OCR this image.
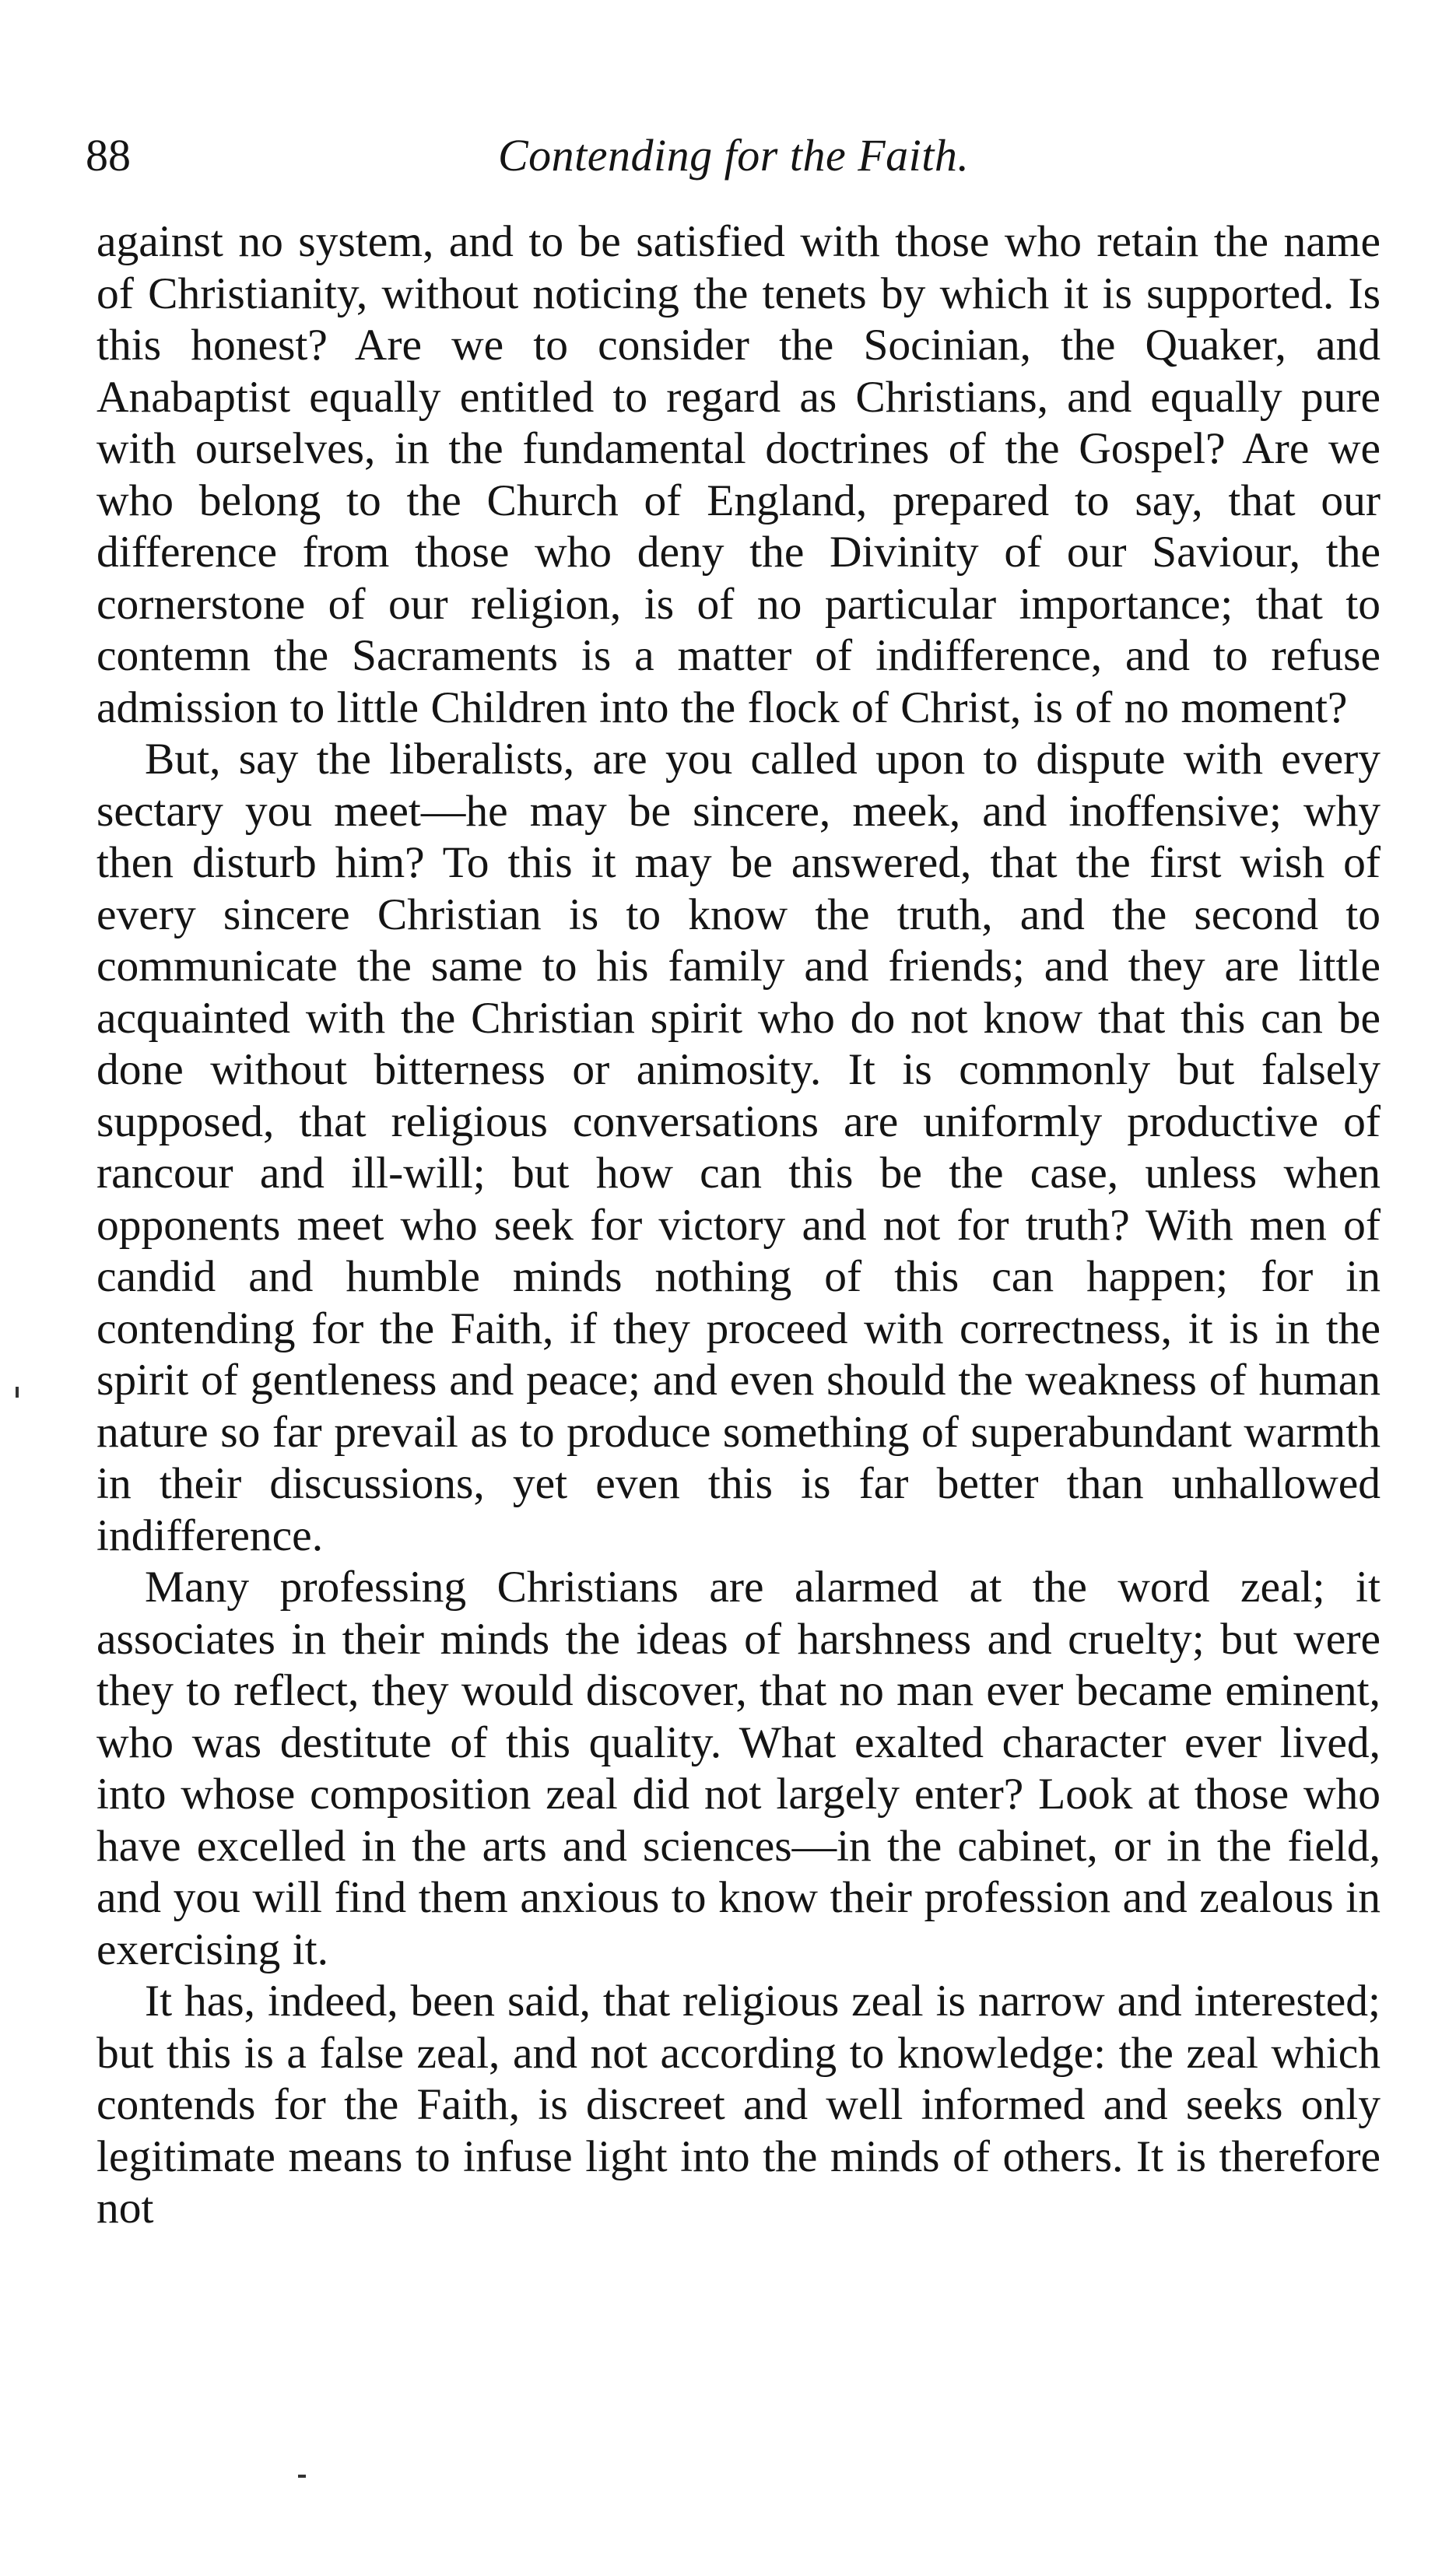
88	Contending for the Faith.

against no system, and to be satisfied with those who retain the name of Christianity, without noticing the tenets by which it is supported. Is this honest? Are we to consider the Socinian, the Quaker, and Anabaptist equally entitled to regard as Christians, and equally pure with ourselves, in the fundamental doctrines of the Gospel? Are we who belong to the Church of England, prepared to say, that our difference from those who deny the Divinity of our Saviour, the cornerstone of our religion, is of no particular importance; that to contemn the Sacraments is a matter of indifference, and to refuse admission to little Children into the flock of Christ, is of no moment?

But, say the liberalists, are you called upon to dispute with every sectary you meet—he may be sincere, meek, and inoffensive; why then disturb him? To this it may be answered, that the first wish of every sincere Christian is to know the truth, and the second to communicate the same to his family and friends; and they are little acquainted with the Christian spirit who do not know that this can be done without bitterness or animosity. It is commonly but falsely supposed, that religious conversations are uniformly productive of rancour and ill-will; but how can this be the case, unless when opponents meet who seek for victory and not for truth? With men of candid and humble minds nothing of this can happen; for in contending for the Faith, if they proceed with correctness, it is in the spirit of gentleness and peace; and even should the weakness of human nature so far prevail as to produce something of superabundant warmth in their discussions, yet even this is far better than unhallowed indifference.

Many professing Christians are alarmed at the word zeal; it associates in their minds the ideas of harshness and cruelty; but were they to reflect, they would discover, that no man ever became eminent, who was destitute of this quality. What exalted character ever lived, into whose composition zeal did not largely enter? Look at those who have excelled in the arts and sciences—in the cabinet, or in the field, and you will find them anxious to know their profession and zealous in exercising it.

It has, indeed, been said, that religious zeal is narrow and interested; but this is a false zeal, and not according to knowledge: the zeal which contends for the Faith, is discreet and well informed and seeks only legitimate means to infuse light into the minds of others. It is therefore not
